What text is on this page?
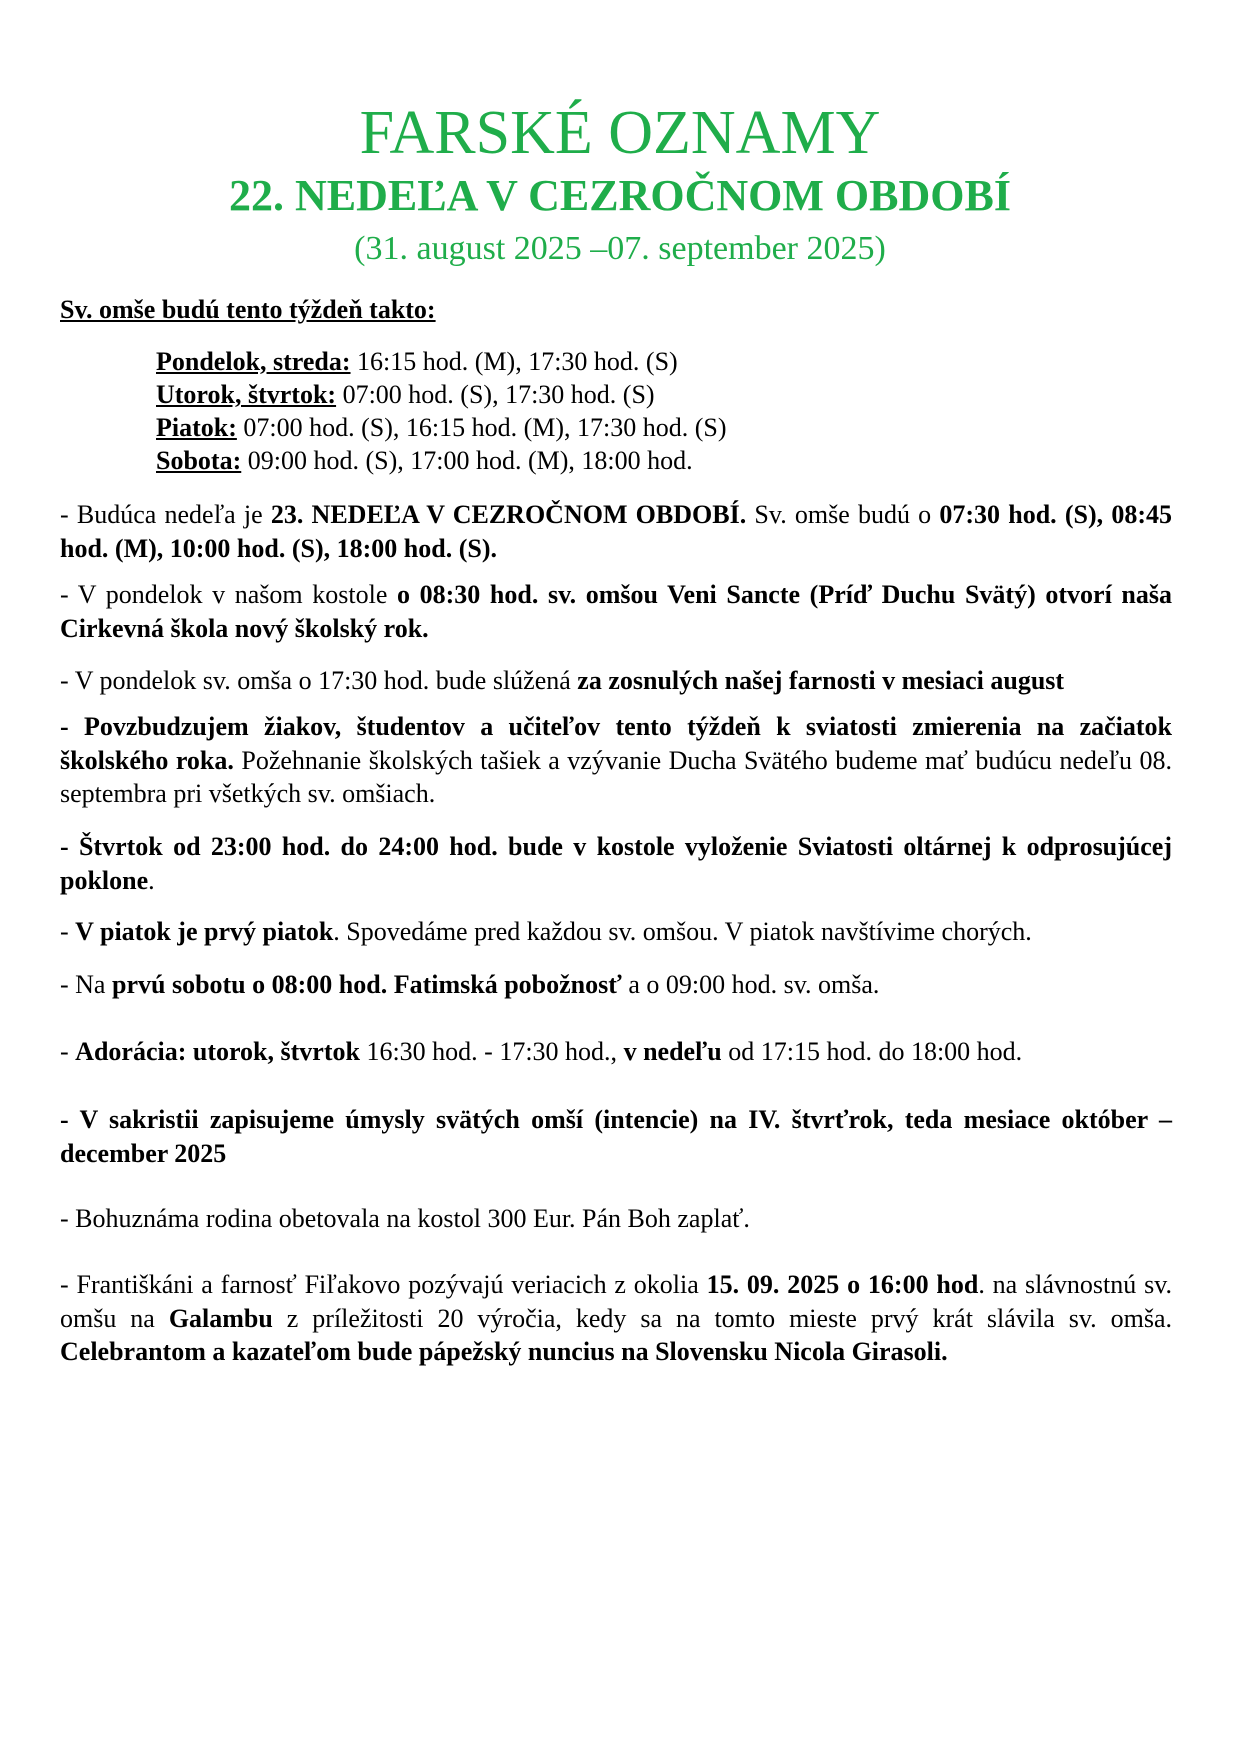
FARSKÉ OZNAMY
22. NEDEĽA V CEZROČNOM OBDOBÍ
(31. august 2025 –07. september 2025)

Sv. omše budú tento týždeň takto:

Pondelok, streda: 16:15 hod. (M), 17:30 hod. (S)

Utorok, štvrtok: 07:00 hod. (S), 17:30 hod. (S)

Piatok: 07:00 hod. (S), 16:15 hod. (M), 17:30 hod. (S)

Sobota: 09:00 hod. (S), 17:00 hod. (M), 18:00 hod.

- Budúca nedeľa je 23. NEDEĽA V CEZROČNOM OBDOBÍ. Sv. omše budú o 07:30 hod. (S), 08:45 hod. (M), 10:00 hod. (S), 18:00 hod. (S).

- V pondelok v našom kostole o 08:30 hod. sv. omšou Veni Sancte (Príď Duchu Svätý) otvorí naša Cirkevná škola nový školský rok.

- V pondelok sv. omša o 17:30 hod. bude slúžená za zosnulých našej farnosti v mesiaci august

- Povzbudzujem žiakov, študentov a učiteľov tento týždeň k sviatosti zmierenia na začiatok školského roka. Požehnanie školských tašiek a vzývanie Ducha Svätého budeme mať budúcu nedeľu 08. septembra pri všetkých sv. omšiach.

- Štvrtok od 23:00 hod. do 24:00 hod. bude v kostole vyloženie Sviatosti oltárnej k odprosujúcej poklone.

- V piatok je prvý piatok. Spovedáme pred každou sv. omšou. V piatok navštívime chorých.

- Na prvú sobotu o 08:00 hod. Fatimská pobožnosť a o 09:00 hod. sv. omša.

- Adorácia: utorok, štvrtok 16:30 hod. - 17:30 hod., v nedeľu od 17:15 hod. do 18:00 hod.

- V sakristii zapisujeme úmysly svätých omší (intencie) na IV. štvrťrok, teda mesiace október – december 2025

- Bohuznáma rodina obetovala na kostol 300 Eur. Pán Boh zaplať.

- Františkáni a farnosť Fiľakovo pozývajú veriacich z okolia 15. 09. 2025 o 16:00 hod. na slávnostnú sv. omšu na Galambu z príležitosti 20 výročia, kedy sa na tomto mieste prvý krát slávila sv. omša. Celebrantom a kazateľom bude pápežský nuncius na Slovensku Nicola Girasoli.
